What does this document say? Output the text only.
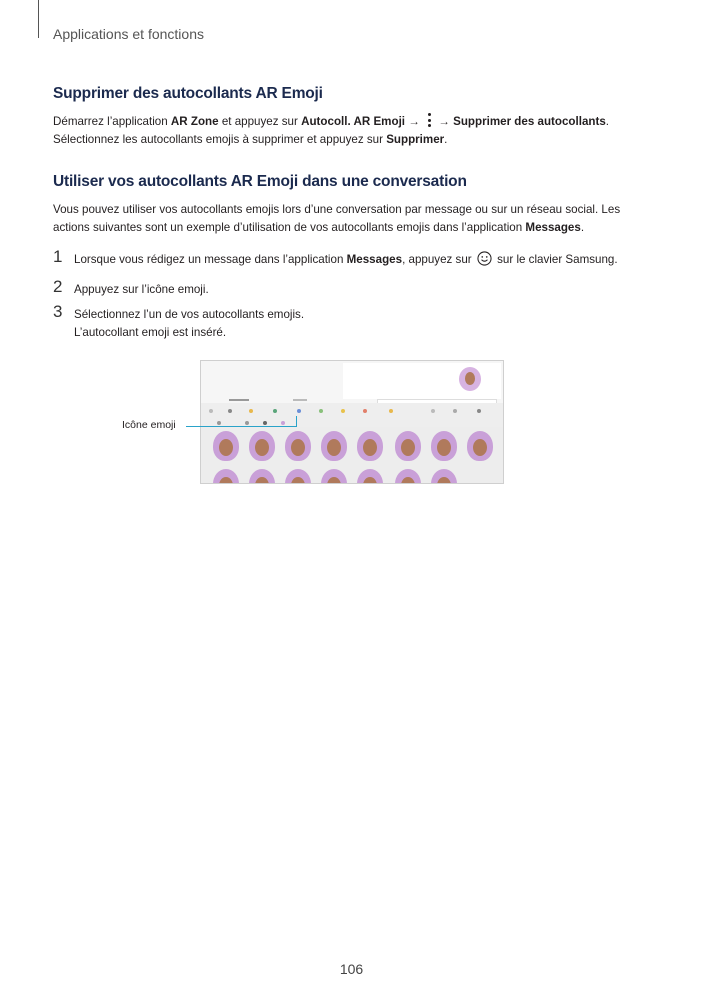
Applications et fonctions
Supprimer des autocollants AR Emoji
Démarrez l’application AR Zone et appuyez sur Autocoll. AR Emoji →
→ Supprimer des autocollants.
Sélectionnez les autocollants emojis à supprimer et appuyez sur Supprimer.
Utiliser vos autocollants AR Emoji dans une conversation
Vous pouvez utiliser vos autocollants emojis lors d’une conversation par message ou sur un réseau social. Les
actions suivantes sont un exemple d’utilisation de vos autocollants emojis dans l’application Messages.
1 Lorsque vous rédigez un message dans l’application Messages, appuyez sur  sur le clavier Samsung.
2 Appuyez sur l’icône emoji.
3 Sélectionnez l’un de vos autocollants emojis.
L’autocollant emoji est inséré.
Icône emoji
106
